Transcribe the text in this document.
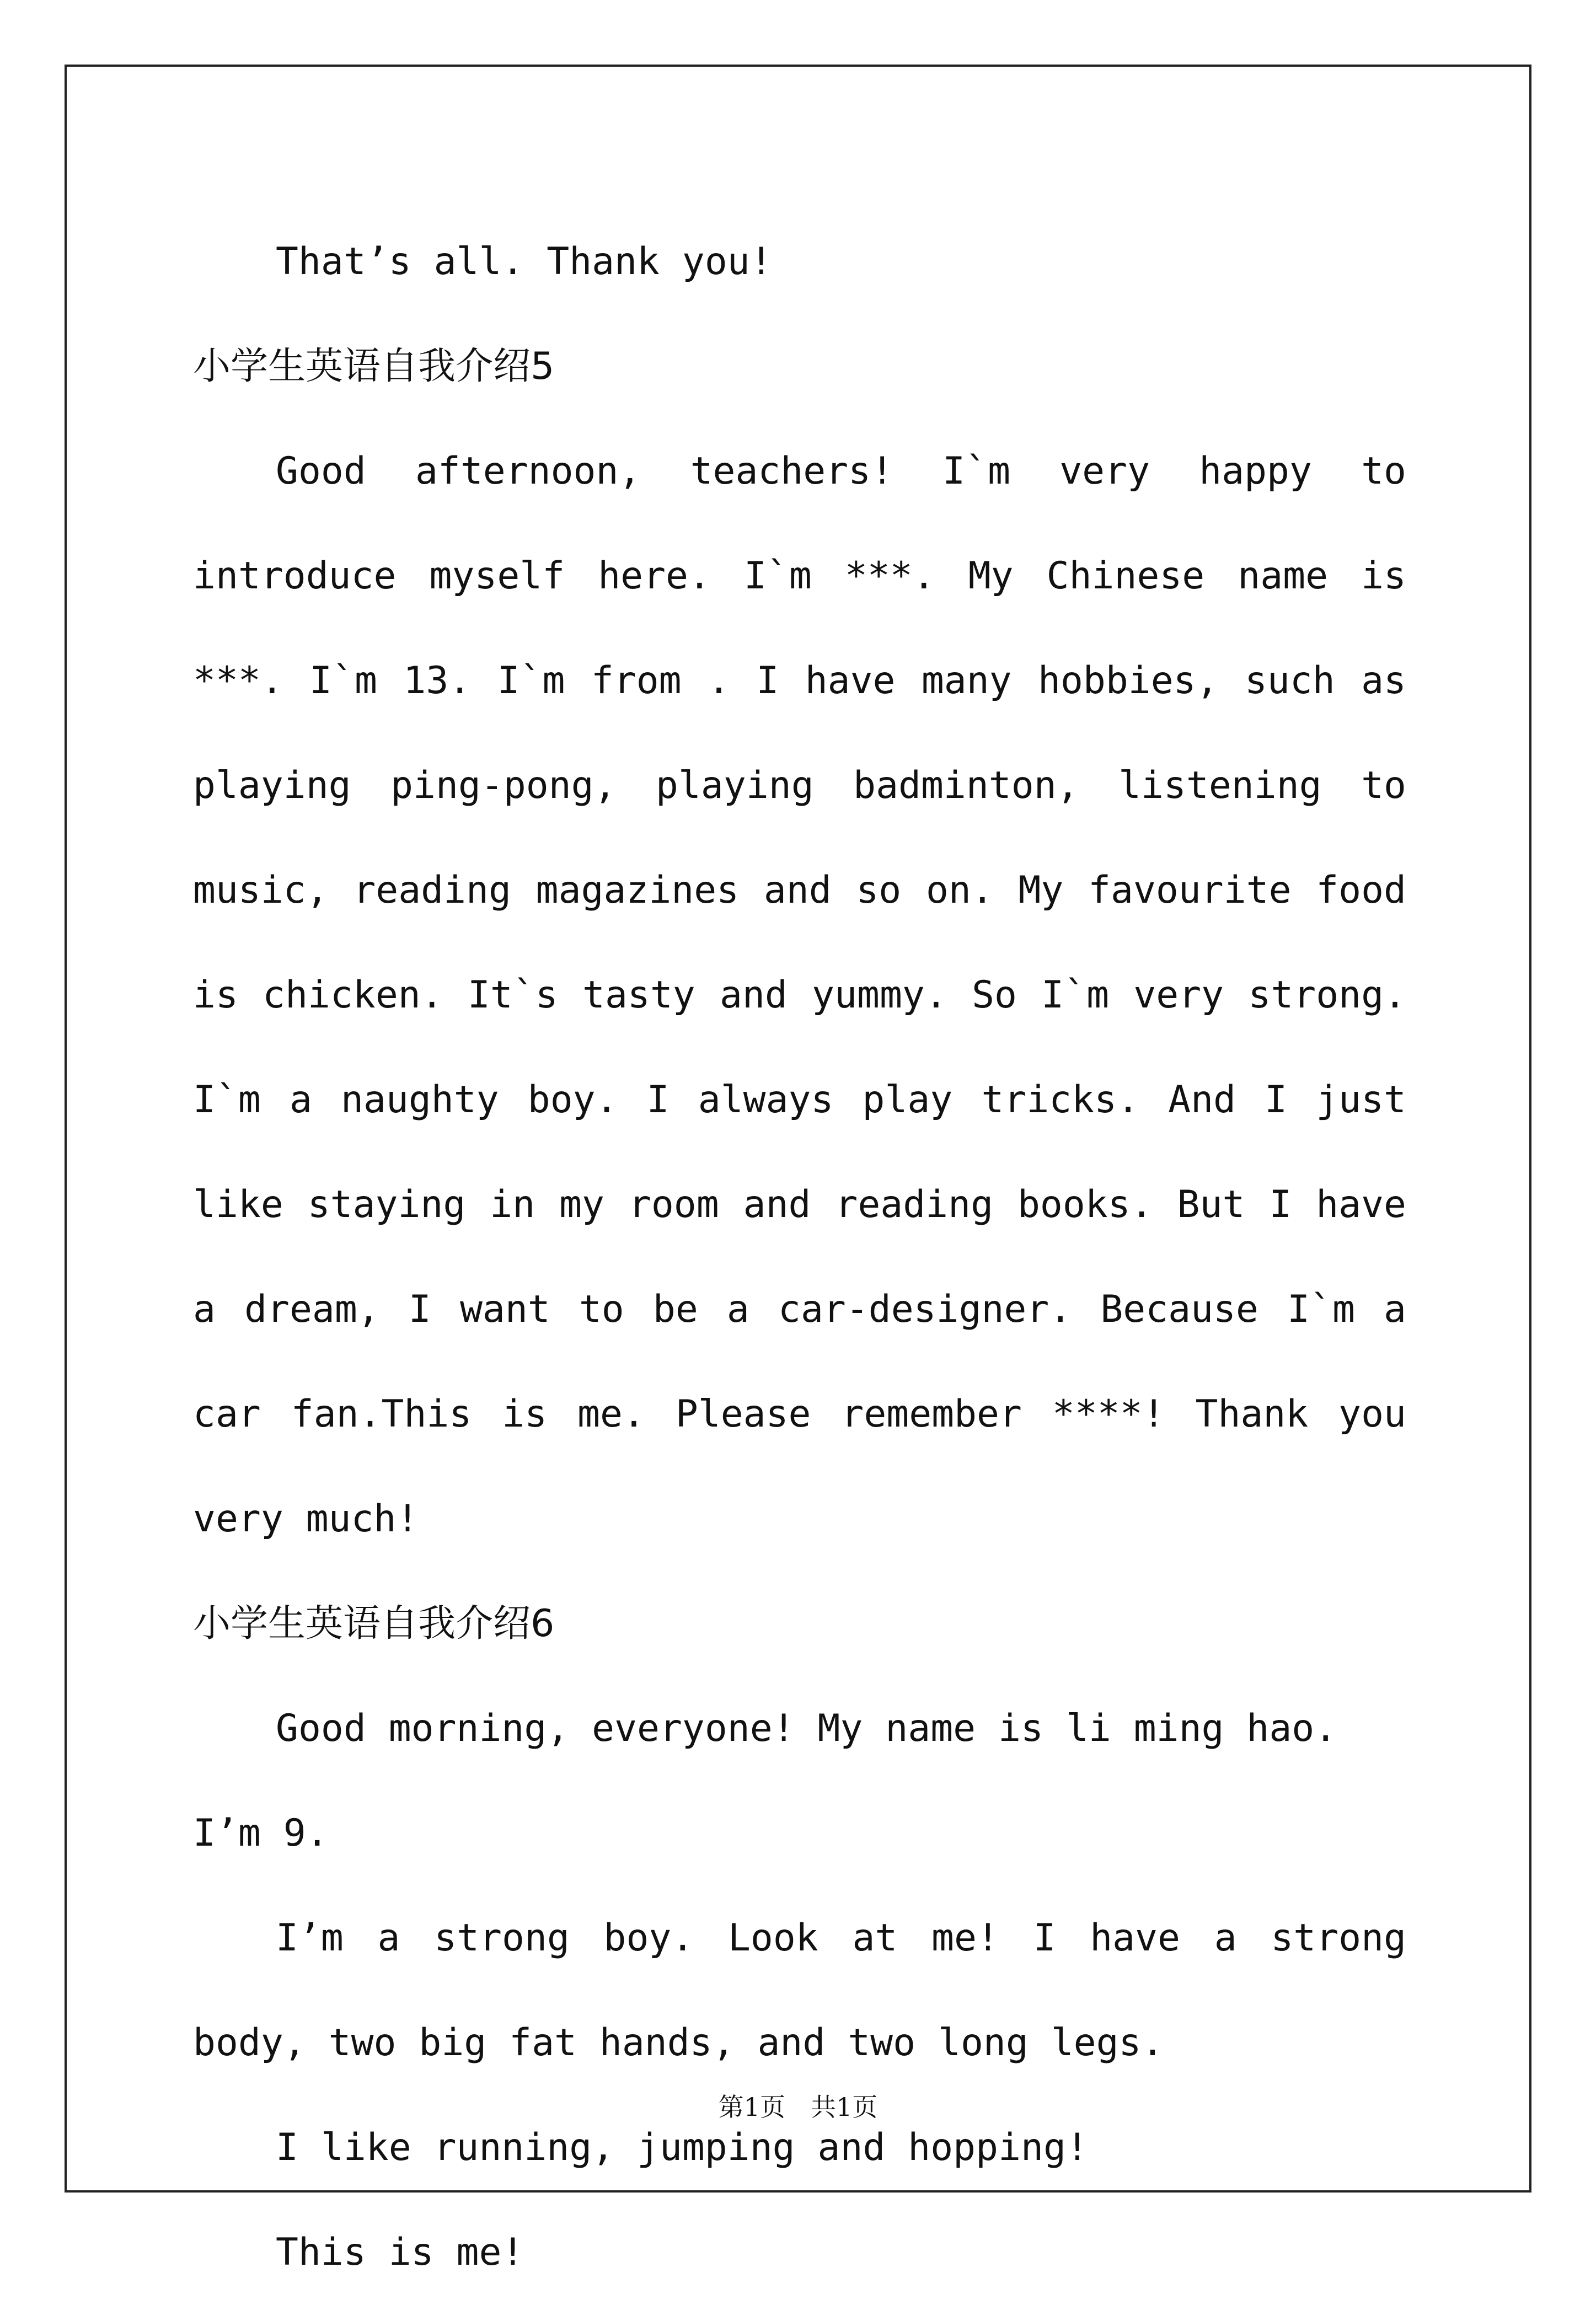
That’s all. Thank you!

小学生英语自我介绍5

Good afternoon, teachers! I`m very happy to introduce myself here. I`m ***. My Chinese name is ***. I`m 13. I`m from . I have many hobbies, such as playing ping-pong, playing badminton, listening to music, reading magazines and so on. My favourite food is chicken. It`s tasty and yummy. So I`m very strong. I`m a naughty boy. I always play tricks. And I just like staying in my room and reading books. But I have a dream, I want to be a car-designer. Because I`m a car fan.This is me. Please remember ****! Thank you very much!

小学生英语自我介绍6

Good morning, everyone! My name is li ming hao. I’m 9.

I’m a strong boy. Look at me! I have a strong body, two big fat hands, and two long legs.

I like running, jumping and hopping!

This is me!

第1页　共1页
